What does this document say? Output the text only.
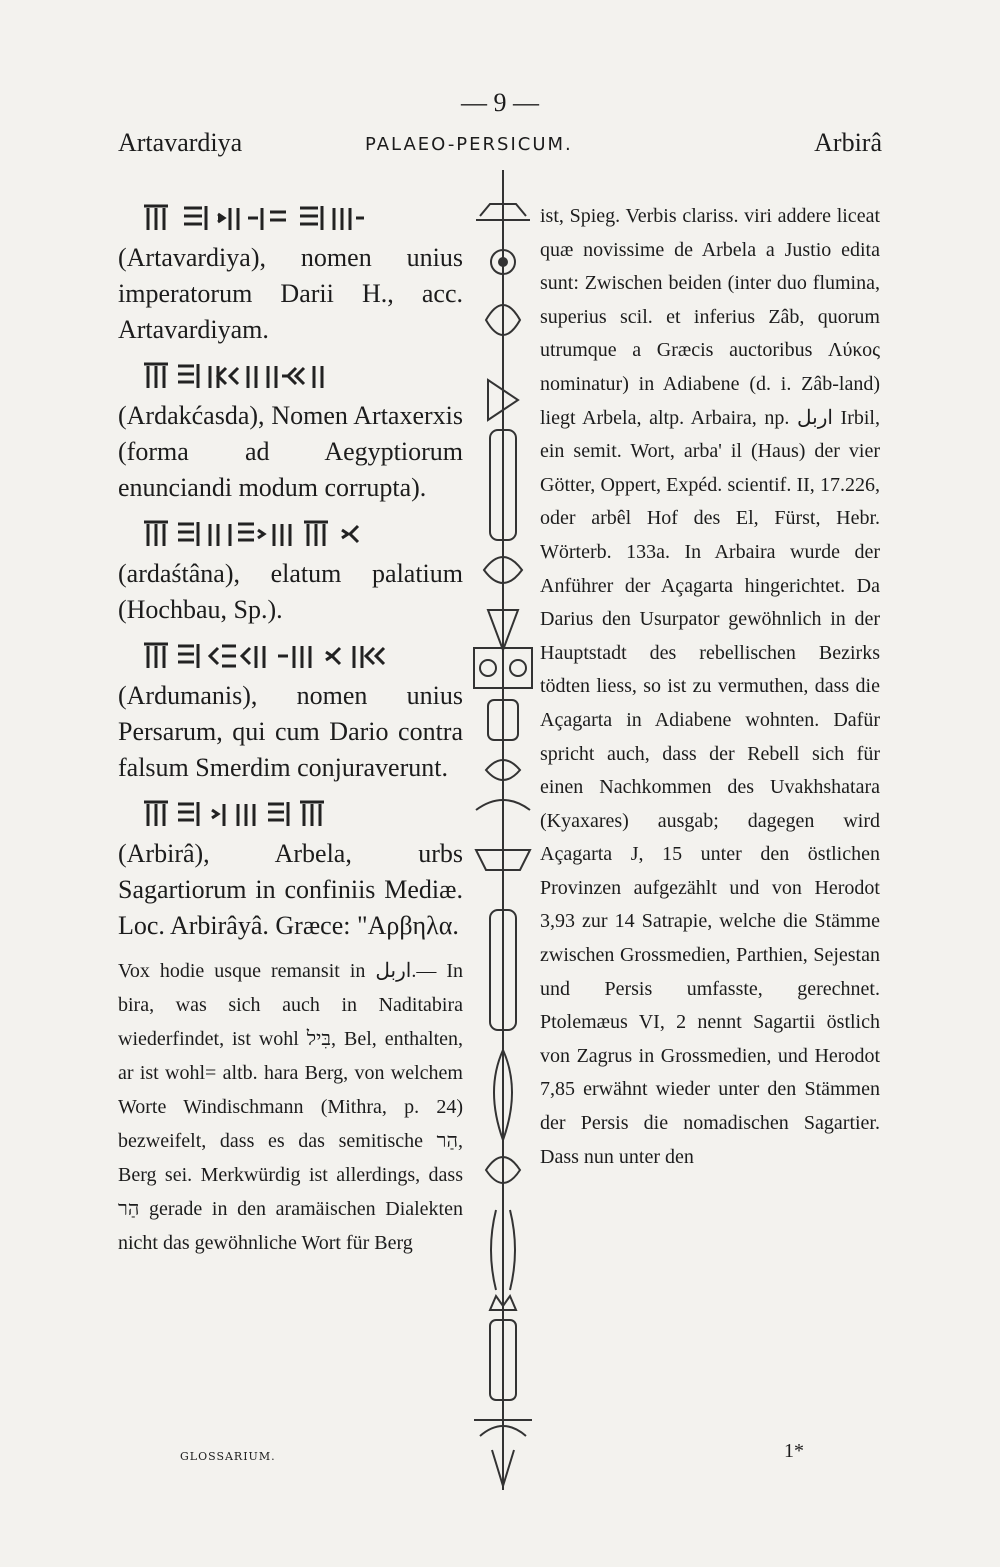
— 9 —
Artavardiya	PALAEO-PERSICUM.	Arbirâ

(Artavardiya), nomen unius imperatorum Darii H., acc. Artavardiyam.

(Ardakćasda), Nomen Artaxerxis (forma ad Aegyptiorum enunciandi modum corrupta).

(ardaśtâna), elatum palatium (Hochbau, Sp.).

(Ardumanis), nomen unius Persarum, qui cum Dario contra falsum Smerdim conjuraverunt.

(Arbirâ), Arbela, urbs Sagartiorum in confiniis Mediæ. Loc. Arbirâyâ. Græce: "Αρβηλα.

Vox hodie usque remansit in اربل.— In bira, was sich auch in Naditabira wiederfindet, ist wohl בִּיל, Bel, enthalten, ar ist wohl= altb. hara Berg, von welchem Worte Windischmann (Mithra, p. 24) bezweifelt, dass es das semitische הַר, Berg sei. Merkwürdig ist allerdings, dass הַר gerade in den aramäischen Dialekten nicht das gewöhnliche Wort für Berg

ist, Spieg. Verbis clariss. viri addere liceat quæ novissime de Arbela a Justio edita sunt: Zwischen beiden (inter duo flumina, superius scil. et inferius Zâb, quorum utrumque a Græcis auctoribus Λύκος nominatur) in Adiabene (d. i. Zâb-land) liegt Arbela, altp. Arbaira, np. اربل Irbil, ein semit. Wort, arba' il (Haus) der vier Götter, Oppert, Expéd. scientif. II, 17.226, oder arbêl Hof des El, Fürst, Hebr. Wörterb. 133a. In Arbaira wurde der Anführer der Açagarta hingerichtet. Da Darius den Usurpator gewöhnlich in der Hauptstadt des rebellischen Bezirks tödten liess, so ist zu vermuthen, dass die Açagarta in Adiabene wohnten. Dafür spricht auch, dass der Rebell sich für einen Nachkommen des Uvakhshatara (Kyaxares) ausgab; dagegen wird Açagarta J, 15 unter den östlichen Provinzen aufgezählt und von Herodot 3,93 zur 14 Satrapie, welche die Stämme zwischen Grossmedien, Parthien, Sejestan und Persis umfasste, gerechnet. Ptolemæus VI, 2 nennt Sagartii östlich von Zagrus in Grossmedien, und Herodot 7,85 erwähnt wieder unter den Stämmen der Persis die nomadischen Sagartier. Dass nun unter den

GLOSSARIUM.	1*
